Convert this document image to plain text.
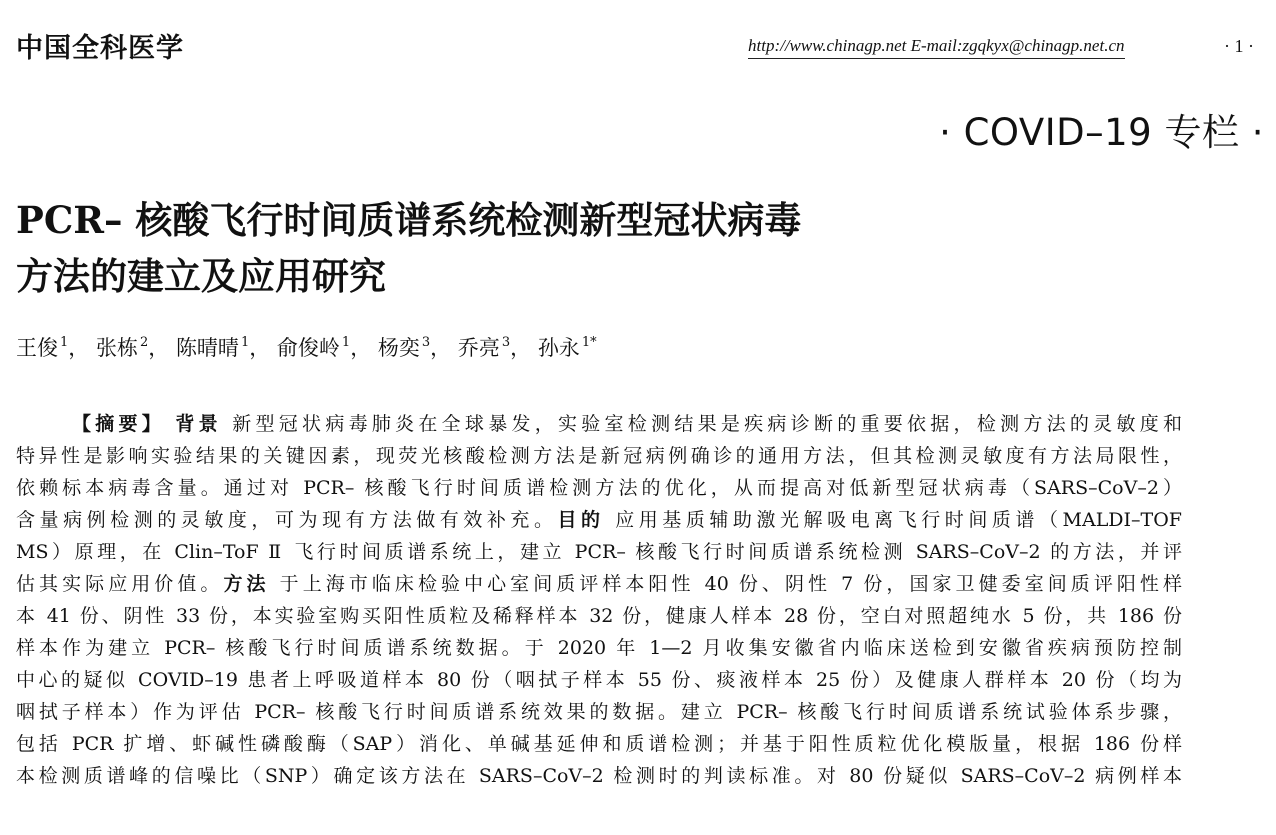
中国全科医学	http://www.chinagp.net E-mail:zgqkyx@chinagp.net.cn	· 1 ·
· COVID–19 专栏 ·
PCR– 核酸飞行时间质谱系统检测新型冠状病毒
方法的建立及应用研究
王俊 $^1$， 张栋 $^2$， 陈晴晴 $^1$， 俞俊岭 $^1$， 杨奕 $^3$， 乔亮 $^3$， 孙永 $^{1*}$
【摘要】 背景 新型冠状病毒肺炎在全球暴发，实验室检测结果是疾病诊断的重要依据，检测方法的灵敏度和
特异性是影响实验结果的关键因素，现荧光核酸检测方法是新冠病例确诊的通用方法，但其检测灵敏度有方法局限性，
依赖标本病毒含量。通过对 PCR– 核酸飞行时间质谱检测方法的优化，从而提高对低新型冠状病毒（SARS–CoV–2）
含量病例检测的灵敏度，可为现有方法做有效补充。目的 应用基质辅助激光解吸电离飞行时间质谱（MALDI–TOF
MS）原理，在 Clin–ToF Ⅱ 飞行时间质谱系统上，建立 PCR– 核酸飞行时间质谱系统检测 SARS–CoV–2 的方法，并评
估其实际应用价值。方法 于上海市临床检验中心室间质评样本阳性 40 份、阴性 7 份，国家卫健委室间质评阳性样
本 41 份、阴性 33 份，本实验室购买阳性质粒及稀释样本 32 份，健康人样本 28 份，空白对照超纯水 5 份，共 186 份
样本作为建立 PCR– 核酸飞行时间质谱系统数据。于 2020 年 1—2 月收集安徽省内临床送检到安徽省疾病预防控制
中心的疑似 COVID–19 患者上呼吸道样本 80 份（咽拭子样本 55 份、痰液样本 25 份）及健康人群样本 20 份（均为
咽拭子样本）作为评估 PCR– 核酸飞行时间质谱系统效果的数据。建立 PCR– 核酸飞行时间质谱系统试验体系步骤，
包括 PCR 扩增、虾碱性磷酸酶（SAP）消化、单碱基延伸和质谱检测；并基于阳性质粒优化模版量，根据 186 份样
本检测质谱峰的信噪比（SNP）确定该方法在 SARS–CoV–2 检测时的判读标准。对 80 份疑似 SARS–CoV–2 病例样本
